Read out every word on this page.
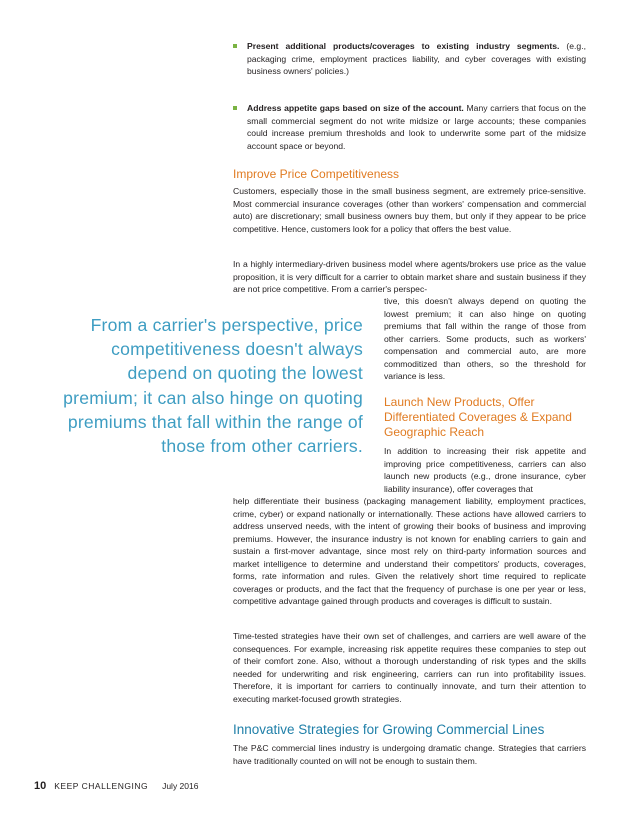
Present additional products/coverages to existing industry segments. (e.g., packaging crime, employment practices liability, and cyber coverages with existing business owners' policies.)
Address appetite gaps based on size of the account. Many carriers that focus on the small commercial segment do not write midsize or large accounts; these companies could increase premium thresholds and look to underwrite some part of the midsize account space or beyond.
Improve Price Competitiveness
Customers, especially those in the small business segment, are extremely price-sensitive. Most commercial insurance coverages (other than workers' compensation and commercial auto) are discretionary; small business owners buy them, but only if they appear to be price competitive. Hence, customers look for a policy that offers the best value.
In a highly intermediary-driven business model where agents/brokers use price as the value proposition, it is very difficult for a carrier to obtain market share and sustain business if they are not price competitive. From a carrier's perspec-
tive, this doesn't always depend on quoting the lowest premium; it can also hinge on quoting premiums that fall within the range of those from other carriers. Some products, such as workers' compensation and commercial auto, are more commoditized than others, so the threshold for variance is less.
From a carrier's perspective, price competitiveness doesn't always depend on quoting the lowest premium; it can also hinge on quoting premiums that fall within the range of those from other carriers.
Launch New Products, Offer Differentiated Coverages & Expand Geographic Reach
In addition to increasing their risk appetite and improving price competitiveness, carriers can also launch new products (e.g., drone insurance, cyber liability insurance), offer coverages that
help differentiate their business (packaging management liability, employment practices, crime, cyber) or expand nationally or internationally. These actions have allowed carriers to address unserved needs, with the intent of growing their books of business and improving premiums. However, the insurance industry is not known for enabling carriers to gain and sustain a first-mover advantage, since most rely on third-party information sources and market intelligence to determine and understand their competitors' products, coverages, forms, rate information and rules. Given the relatively short time required to replicate coverages or products, and the fact that the frequency of purchase is one per year or less, competitive advantage gained through products and coverages is difficult to sustain.
Time-tested strategies have their own set of challenges, and carriers are well aware of the consequences. For example, increasing risk appetite requires these companies to step out of their comfort zone. Also, without a thorough understanding of risk types and the skills needed for underwriting and risk engineering, carriers can run into profitability issues. Therefore, it is important for carriers to continually innovate, and turn their attention to executing market-focused growth strategies.
Innovative Strategies for Growing Commercial Lines
The P&C commercial lines industry is undergoing dramatic change. Strategies that carriers have traditionally counted on will not be enough to sustain them.
10 KEEP CHALLENGING July 2016
